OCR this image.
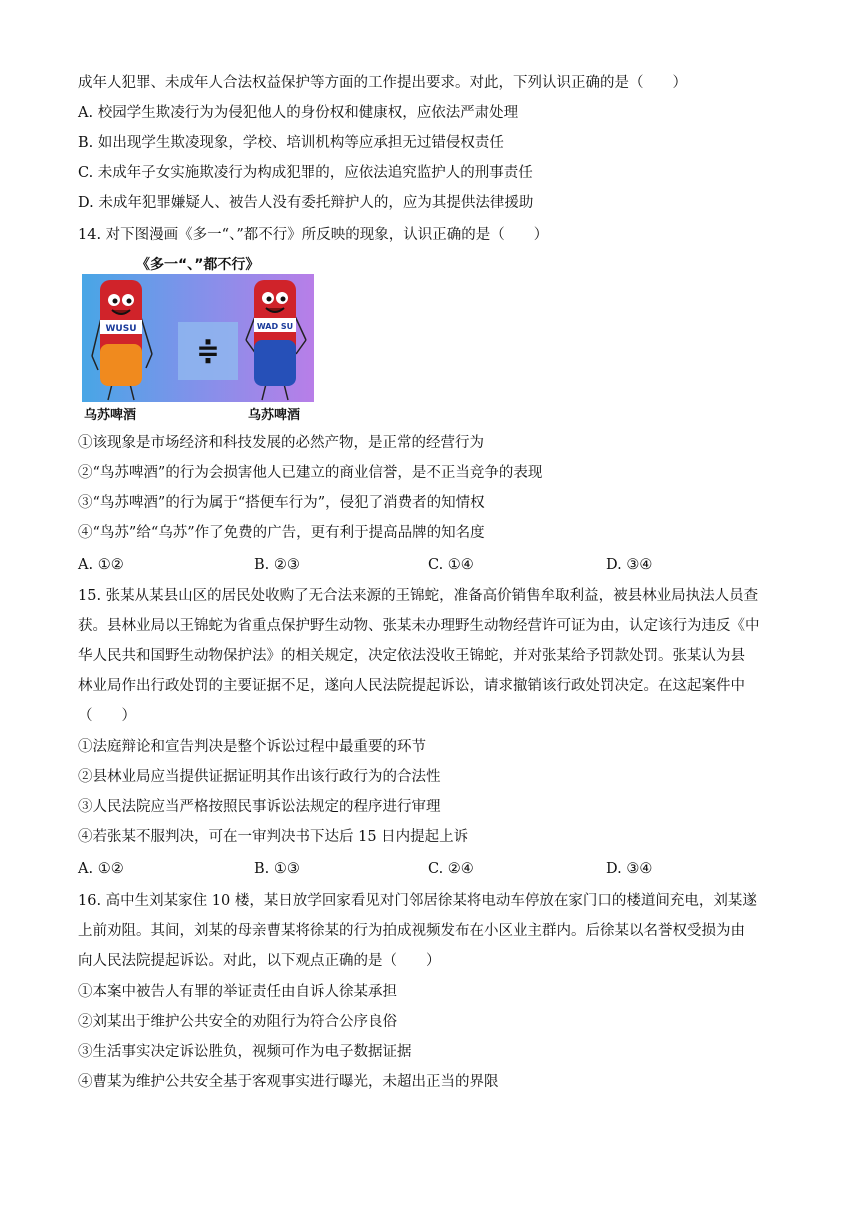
成年人犯罪、未成年人合法权益保护等方面的工作提出要求。对此，下列认识正确的是（　　）
A. 校园学生欺凌行为为侵犯他人的身份权和健康权，应依法严肃处理
B. 如出现学生欺凌现象，学校、培训机构等应承担无过错侵权责任
C. 未成年子女实施欺凌行为构成犯罪的，应依法追究监护人的刑事责任
D. 未成年犯罪嫌疑人、被告人没有委托辩护人的，应为其提供法律援助
14. 对下图漫画《多一“、”都不行》所反映的现象，认识正确的是（　　）
《多一“、”都不行》
WUSU
≑
WAD SU
乌苏啤酒	乌苏啤酒
①该现象是市场经济和科技发展的必然产物，是正常的经营行为
②“鸟苏啤酒”的行为会损害他人已建立的商业信誉，是不正当竞争的表现
③“鸟苏啤酒”的行为属于“搭便车行为”，侵犯了消费者的知情权
④“鸟苏”给“乌苏”作了免费的广告，更有利于提高品牌的知名度
A. ①②	B. ②③	C. ①④	D. ③④
15. 张某从某县山区的居民处收购了无合法来源的王锦蛇，准备高价销售牟取利益，被县林业局执法人员查
获。县林业局以王锦蛇为省重点保护野生动物、张某未办理野生动物经营许可证为由，认定该行为违反《中
华人民共和国野生动物保护法》的相关规定，决定依法没收王锦蛇，并对张某给予罚款处罚。张某认为县
林业局作出行政处罚的主要证据不足，遂向人民法院提起诉讼，请求撤销该行政处罚决定。在这起案件中
（　　）
①法庭辩论和宣告判决是整个诉讼过程中最重要的环节
②县林业局应当提供证据证明其作出该行政行为的合法性
③人民法院应当严格按照民事诉讼法规定的程序进行审理
④若张某不服判决，可在一审判决书下达后 15 日内提起上诉
A. ①②	B. ①③	C. ②④	D. ③④
16. 高中生刘某家住 10 楼，某日放学回家看见对门邻居徐某将电动车停放在家门口的楼道间充电，刘某遂
上前劝阻。其间，刘某的母亲曹某将徐某的行为拍成视频发布在小区业主群内。后徐某以名誉权受损为由
向人民法院提起诉讼。对此，以下观点正确的是（　　）
①本案中被告人有罪的举证责任由自诉人徐某承担
②刘某出于维护公共安全的劝阻行为符合公序良俗
③生活事实决定诉讼胜负，视频可作为电子数据证据
④曹某为维护公共安全基于客观事实进行曝光，未超出正当的界限
